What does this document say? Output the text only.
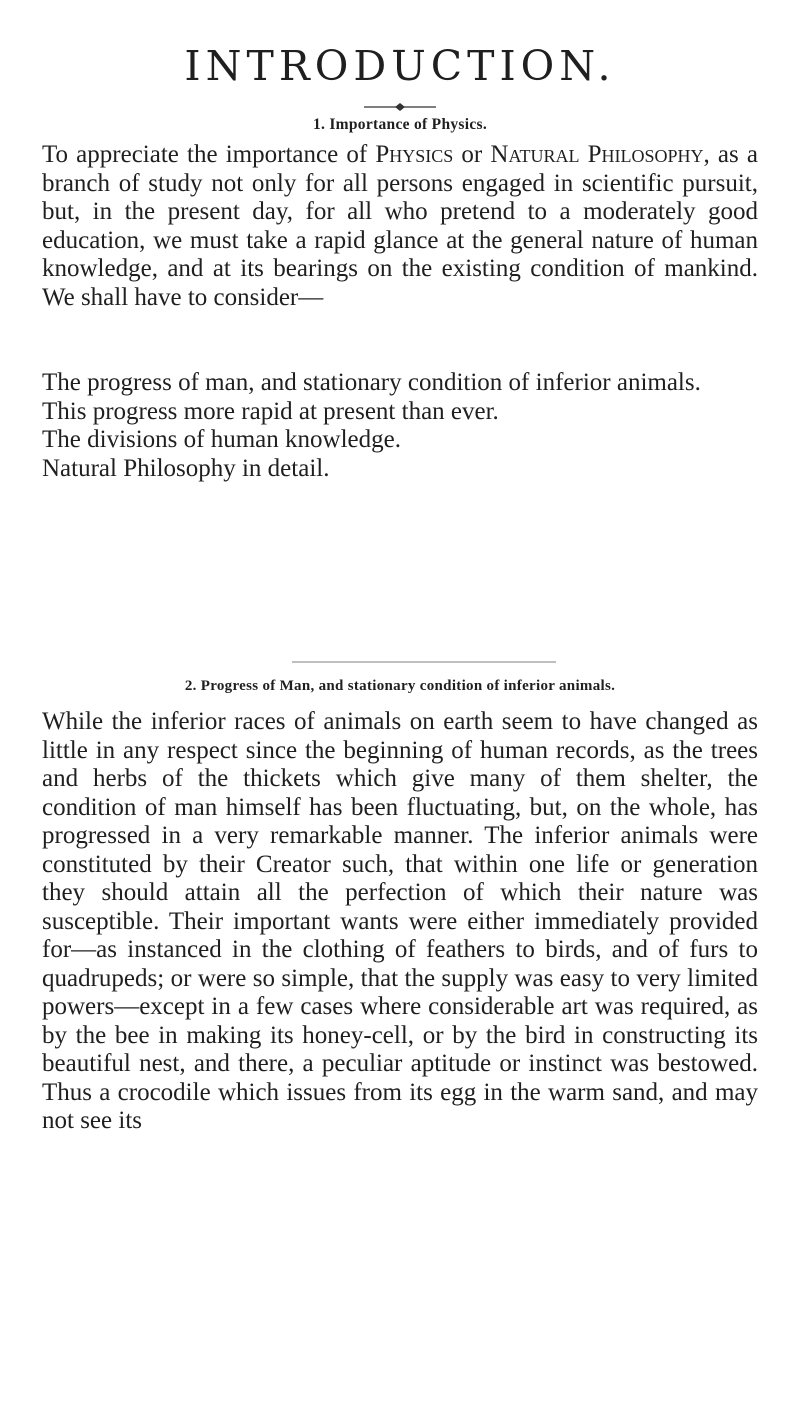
INTRODUCTION.
1. Importance of Physics.

To appreciate the importance of Physics or Natural Philosophy, as a branch of study not only for all persons engaged in scientific pursuit, but, in the present day, for all who pretend to a moderately good education, we must take a rapid glance at the general nature of human knowledge, and at its bearings on the existing condition of mankind. We shall have to consider—

The progress of man, and stationary condition of inferior animals.
This progress more rapid at present than ever.
The divisions of human knowledge.
Natural Philosophy in detail.
2. Progress of Man, and stationary condition of inferior animals.

While the inferior races of animals on earth seem to have changed as little in any respect since the beginning of human records, as the trees and herbs of the thickets which give many of them shelter, the condition of man himself has been fluctuating, but, on the whole, has progressed in a very remarkable manner. The inferior animals were constituted by their Creator such, that within one life or generation they should attain all the perfection of which their nature was susceptible. Their important wants were either immediately provided for—as instanced in the clothing of feathers to birds, and of furs to quadrupeds; or were so simple, that the supply was easy to very limited powers—except in a few cases where considerable art was required, as by the bee in making its honey-cell, or by the bird in constructing its beautiful nest, and there, a peculiar aptitude or instinct was bestowed. Thus a crocodile which issues from its egg in the warm sand, and may not see its
